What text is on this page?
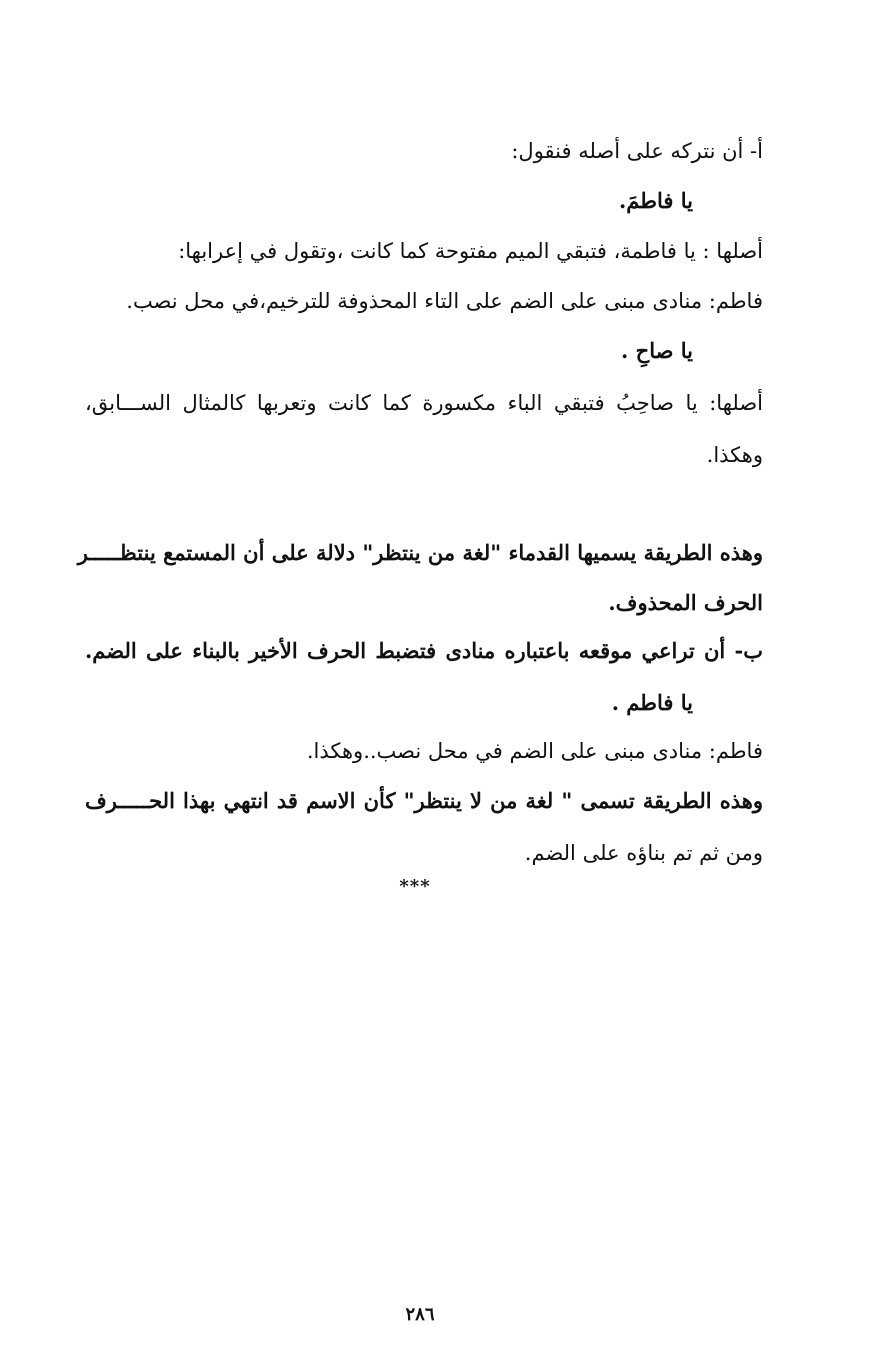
أ- أن نتركه على أصله فنقول:
يا فاطمَ.
أصلها : يا فاطمة، فتبقي الميم مفتوحة كما كانت ،وتقول في إعرابها:
فاطم: منادى مبنى على الضم على التاء المحذوفة للترخيم،في محل نصب.
يا صاحِ .
أصلها: يا صاحِبُ فتبقي الباء مكسورة كما كانت وتعربها كالمثال الســـابق،
وهكذا.
وهذه الطريقة يسميها القدماء "لغة من ينتظر" دلالة على أن المستمع ينتظـــــر
الحرف المحذوف.
ب- أن تراعي موقعه باعتباره منادى فتضبط الحرف الأخير بالبناء على الضم.
يا فاطم .
فاطم: منادى مبنى على الضم في محل نصب..وهكذا.
وهذه الطريقة تسمى " لغة من لا ينتظر" كأن الاسم قد انتهي بهذا الحـــــرف
ومن ثم تم بناؤه على الضم.
***
٢٨٦
